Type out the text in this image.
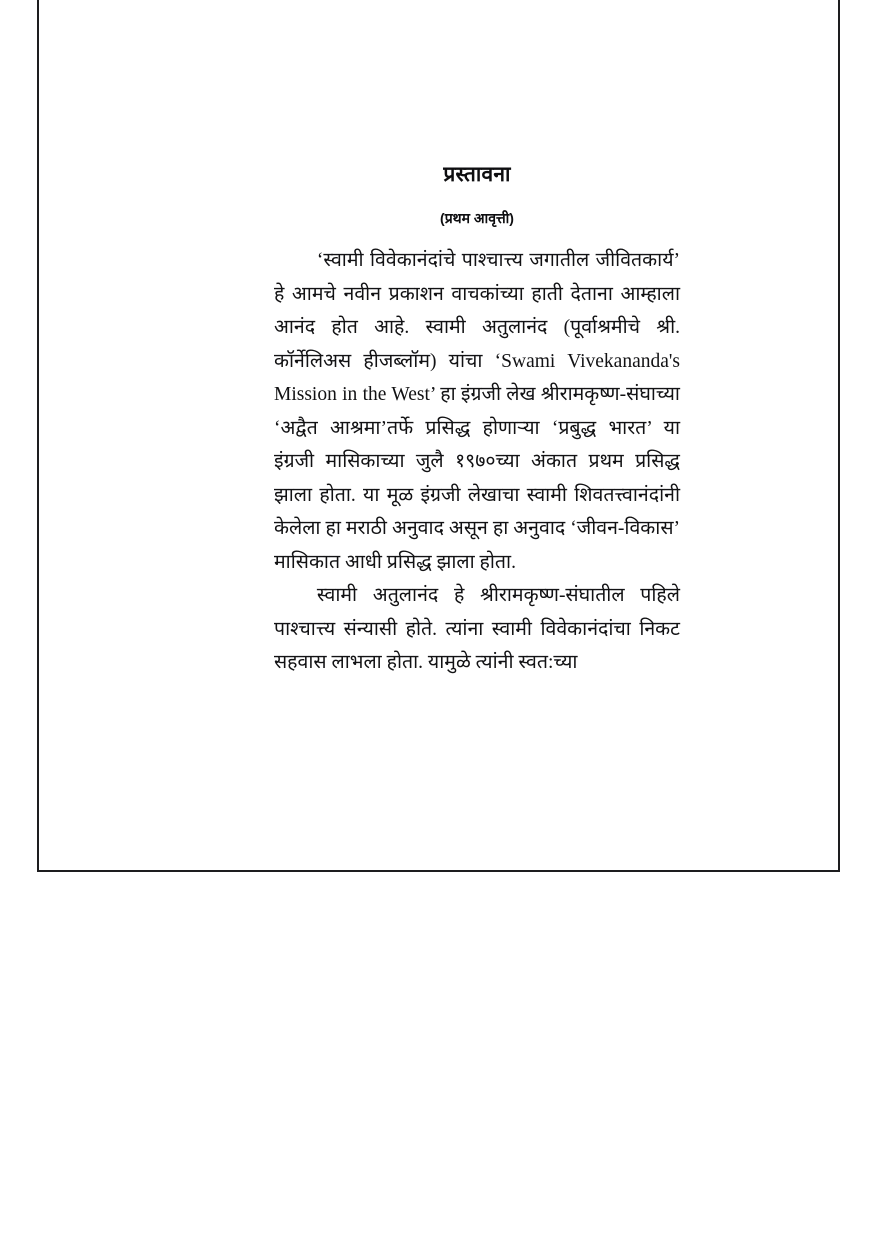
प्रस्तावना
(प्रथम आवृत्ती)

‘स्वामी विवेकानंदांचे पाश्चात्त्य जगातील जीवितकार्य’ हे आमचे नवीन प्रकाशन वाचकांच्या हाती देताना आम्हाला आनंद होत आहे. स्वामी अतुलानंद (पूर्वाश्रमीचे श्री. कॉर्नेलिअस हीजब्लॉम) यांचा ‘Swami Vivekananda's Mission in the West’ हा इंग्रजी लेख श्रीरामकृष्ण-संघाच्या ‘अद्वैत आश्रमा’तर्फे प्रसिद्ध होणाऱ्या ‘प्रबुद्ध भारत’ या इंग्रजी मासिकाच्या जुलै १९७०च्या अंकात प्रथम प्रसिद्ध झाला होता. या मूळ इंग्रजी लेखाचा स्वामी शिवतत्त्वानंदांनी केलेला हा मराठी अनुवाद असून हा अनुवाद ‘जीवन-विकास’ मासिकात आधी प्रसिद्ध झाला होता.

स्वामी अतुलानंद हे श्रीरामकृष्ण-संघातील पहिले पाश्चात्त्य संन्यासी होते. त्यांना स्वामी विवेकानंदांचा निकट सहवास लाभला होता. यामुळे त्यांनी स्वत:च्या
